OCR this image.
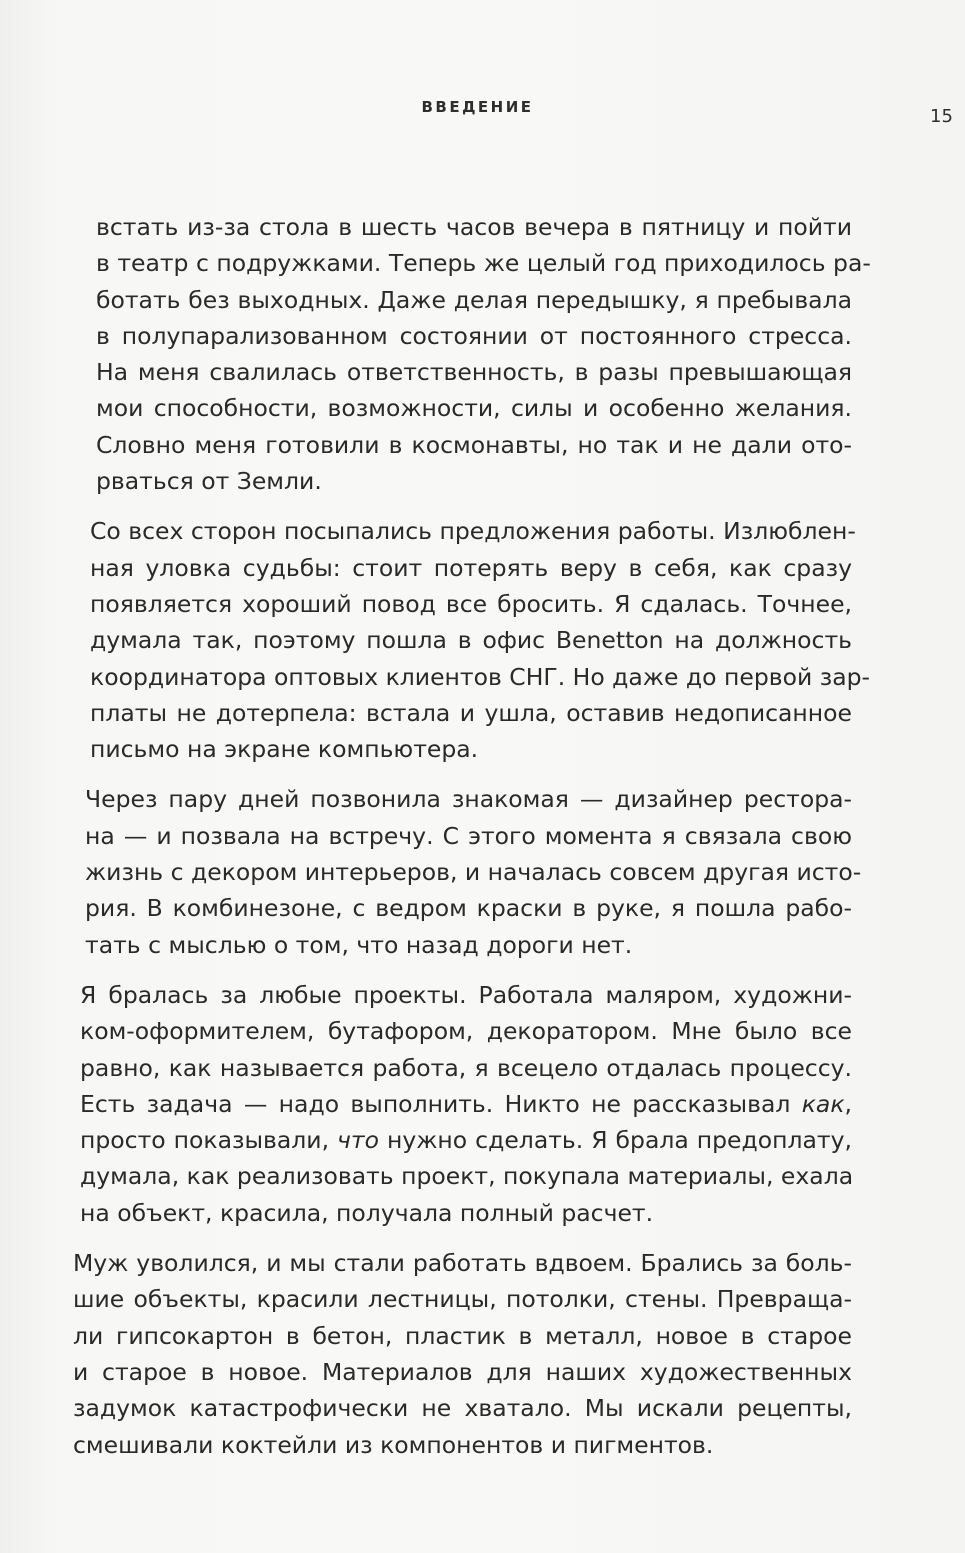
ВВЕДЕНИЕ	15

встать из-за стола в шесть часов вечера в пятницу и пойти
в театр с подружками. Теперь же целый год приходилось ра-
ботать без выходных. Даже делая передышку, я пребывала
в полупарализованном состоянии от постоянного стресса.
На меня свалилась ответственность, в разы превышающая
мои способности, возможности, силы и особенно желания.
Словно меня готовили в космонавты, но так и не дали ото-
рваться от Земли.

Со всех сторон посыпались предложения работы. Излюблен-
ная уловка судьбы: стоит потерять веру в себя, как сразу
появляется хороший повод все бросить. Я сдалась. Точнее,
думала так, поэтому пошла в офис Benetton на должность
координатора оптовых клиентов СНГ. Но даже до первой зар-
платы не дотерпела: встала и ушла, оставив недописанное
письмо на экране компьютера.

Через пару дней позвонила знакомая — дизайнер рестора-
на — и позвала на встречу. С этого момента я связала свою
жизнь с декором интерьеров, и началась совсем другая исто-
рия. В комбинезоне, с ведром краски в руке, я пошла рабо-
тать с мыслью о том, что назад дороги нет.

Я бралась за любые проекты. Работала маляром, художни-
ком-оформителем, бутафором, декоратором. Мне было все
равно, как называется работа, я всецело отдалась процессу.
Есть задача — надо выполнить. Никто не рассказывал как,
просто показывали, что нужно сделать. Я брала предоплату,
думала, как реализовать проект, покупала материалы, ехала
на объект, красила, получала полный расчет.

Муж уволился, и мы стали работать вдвоем. Брались за боль-
шие объекты, красили лестницы, потолки, стены. Превраща-
ли гипсокартон в бетон, пластик в металл, новое в старое
и старое в новое. Материалов для наших художественных
задумок катастрофически не хватало. Мы искали рецепты,
смешивали коктейли из компонентов и пигментов.
